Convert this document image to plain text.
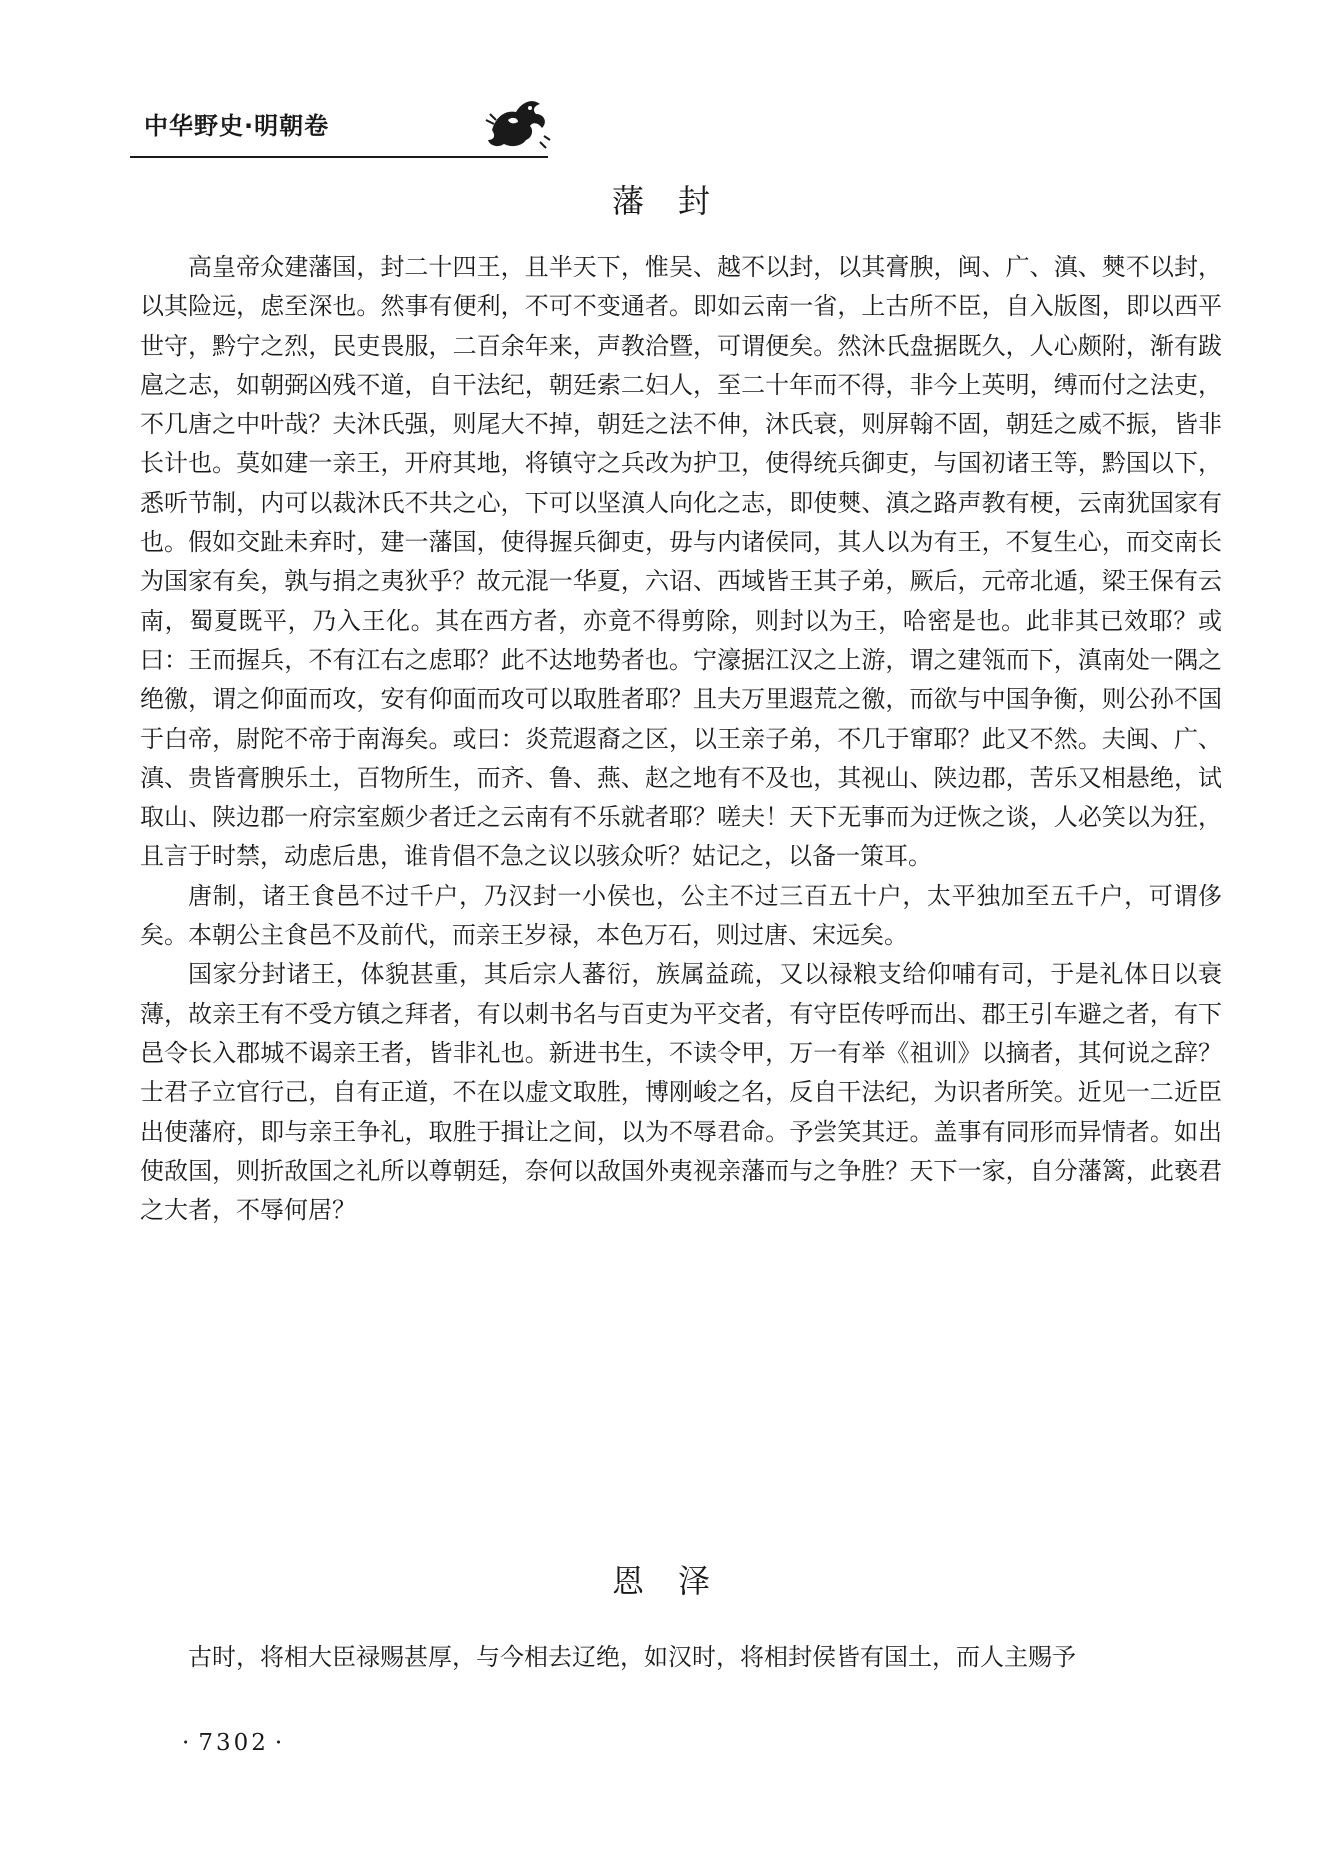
中华野史·明朝卷
藩封

高皇帝众建藩国，封二十四王，且半天下，惟吴、越不以封，以其膏腴，闽、广、滇、僰不以封，以其险远，虑至深也。然事有便利，不可不变通者。即如云南一省，上古所不臣，自入版图，即以西平世守，黔宁之烈，民吏畏服，二百余年来，声教洽暨，可谓便矣。然沐氏盘据既久，人心颇附，渐有跋扈之志，如朝弼凶残不道，自干法纪，朝廷索二妇人，至二十年而不得，非今上英明，缚而付之法吏，不几唐之中叶哉？夫沐氏强，则尾大不掉，朝廷之法不伸，沐氏衰，则屏翰不固，朝廷之威不振，皆非长计也。莫如建一亲王，开府其地，将镇守之兵改为护卫，使得统兵御吏，与国初诸王等，黔国以下，悉听节制，内可以裁沐氏不共之心，下可以坚滇人向化之志，即使僰、滇之路声教有梗，云南犹国家有也。假如交趾未弃时，建一藩国，使得握兵御吏，毋与内诸侯同，其人以为有王，不复生心，而交南长为国家有矣，孰与捐之夷狄乎？故元混一华夏，六诏、西域皆王其子弟，厥后，元帝北遁，梁王保有云南，蜀夏既平，乃入王化。其在西方者，亦竟不得剪除，则封以为王，哈密是也。此非其已效耶？或曰：王而握兵，不有江右之虑耶？此不达地势者也。宁濠据江汉之上游，谓之建瓴而下，滇南处一隅之绝徼，谓之仰面而攻，安有仰面而攻可以取胜者耶？且夫万里遐荒之徼，而欲与中国争衡，则公孙不国于白帝，尉陀不帝于南海矣。或曰：炎荒遐裔之区，以王亲子弟，不几于窜耶？此又不然。夫闽、广、滇、贵皆膏腴乐土，百物所生，而齐、鲁、燕、赵之地有不及也，其视山、陕边郡，苦乐又相悬绝，试取山、陕边郡一府宗室颇少者迁之云南有不乐就者耶？嗟夫！天下无事而为迂恢之谈，人必笑以为狂，且言于时禁，动虑后患，谁肯倡不急之议以骇众听？姑记之，以备一策耳。

唐制，诸王食邑不过千户，乃汉封一小侯也，公主不过三百五十户，太平独加至五千户，可谓侈矣。本朝公主食邑不及前代，而亲王岁禄，本色万石，则过唐、宋远矣。

国家分封诸王，体貌甚重，其后宗人蕃衍，族属益疏，又以禄粮支给仰哺有司，于是礼体日以衰薄，故亲王有不受方镇之拜者，有以刺书名与百吏为平交者，有守臣传呼而出、郡王引车避之者，有下邑令长入郡城不谒亲王者，皆非礼也。新进书生，不读令甲，万一有举《祖训》以摘者，其何说之辞？士君子立官行己，自有正道，不在以虚文取胜，博刚峻之名，反自干法纪，为识者所笑。近见一二近臣出使藩府，即与亲王争礼，取胜于揖让之间，以为不辱君命。予尝笑其迂。盖事有同形而异情者。如出使敌国，则折敌国之礼所以尊朝廷，奈何以敌国外夷视亲藩而与之争胜？天下一家，自分藩篱，此亵君之大者，不辱何居？

恩泽

古时，将相大臣禄赐甚厚，与今相去辽绝，如汉时，将相封侯皆有国土，而人主赐予

· 7302 ·
